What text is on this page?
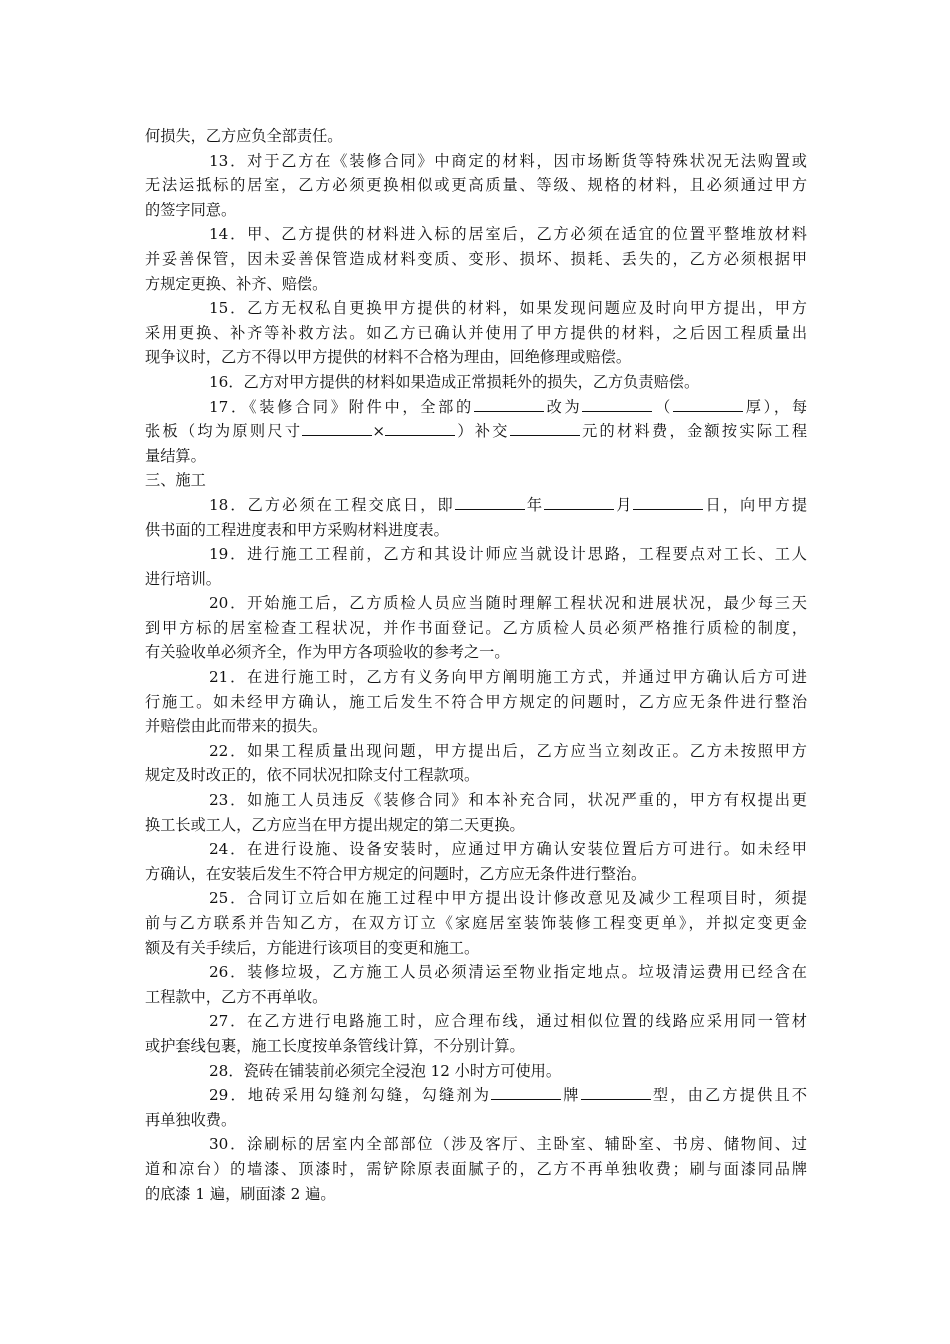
何损失，乙方应负全部责任。
13．对于乙方在《装修合同》中商定的材料，因市场断货等特殊状况无法购置或
无法运抵标的居室，乙方必须更换相似或更高质量、等级、规格的材料，且必须通过甲方
的签字同意。
14．甲、乙方提供的材料进入标的居室后，乙方必须在适宜的位置平整堆放材料
并妥善保管，因未妥善保管造成材料变质、变形、损坏、损耗、丢失的，乙方必须根据甲
方规定更换、补齐、赔偿。
15．乙方无权私自更换甲方提供的材料，如果发现问题应及时向甲方提出，甲方
采用更换、补齐等补救方法。如乙方已确认并使用了甲方提供的材料，之后因工程质量出
现争议时，乙方不得以甲方提供的材料不合格为理由，回绝修理或赔偿。
16．乙方对甲方提供的材料如果造成正常损耗外的损失，乙方负责赔偿。
17．《装修合同》附件中，全部的	改为	（	厚），每
张板（均为原则尺寸	×	）补交	元的材料费，金额按实际工程
量结算。
三、施工
18．乙方必须在工程交底日，即	年	月	日，向甲方提
供书面的工程进度表和甲方采购材料进度表。
19．进行施工工程前，乙方和其设计师应当就设计思路，工程要点对工长、工人
进行培训。
20．开始施工后，乙方质检人员应当随时理解工程状况和进展状况，最少每三天
到甲方标的居室检查工程状况，并作书面登记。乙方质检人员必须严格推行质检的制度，
有关验收单必须齐全，作为甲方各项验收的参考之一。
21．在进行施工时，乙方有义务向甲方阐明施工方式，并通过甲方确认后方可进
行施工。如未经甲方确认，施工后发生不符合甲方规定的问题时，乙方应无条件进行整治
并赔偿由此而带来的损失。
22．如果工程质量出现问题，甲方提出后，乙方应当立刻改正。乙方未按照甲方
规定及时改正的，依不同状况扣除支付工程款项。
23．如施工人员违反《装修合同》和本补充合同，状况严重的，甲方有权提出更
换工长或工人，乙方应当在甲方提出规定的第二天更换。
24．在进行设施、设备安装时，应通过甲方确认安装位置后方可进行。如未经甲
方确认，在安装后发生不符合甲方规定的问题时，乙方应无条件进行整治。
25．合同订立后如在施工过程中甲方提出设计修改意见及减少工程项目时，须提
前与乙方联系并告知乙方，在双方订立《家庭居室装饰装修工程变更单》，并拟定变更金
额及有关手续后，方能进行该项目的变更和施工。
26．装修垃圾，乙方施工人员必须清运至物业指定地点。垃圾清运费用已经含在
工程款中，乙方不再单收。
27．在乙方进行电路施工时，应合理布线，通过相似位置的线路应采用同一管材
或护套线包裹，施工长度按单条管线计算，不分别计算。
28．瓷砖在铺装前必须完全浸泡 12 小时方可使用。
29．地砖采用勾缝剂勾缝，勾缝剂为	牌	型，由乙方提供且不
再单独收费。
30．涂刷标的居室内全部部位（涉及客厅、主卧室、辅卧室、书房、储物间、过
道和凉台）的墙漆、顶漆时，需铲除原表面腻子的，乙方不再单独收费；刷与面漆同品牌
的底漆 1 遍，刷面漆 2 遍。
